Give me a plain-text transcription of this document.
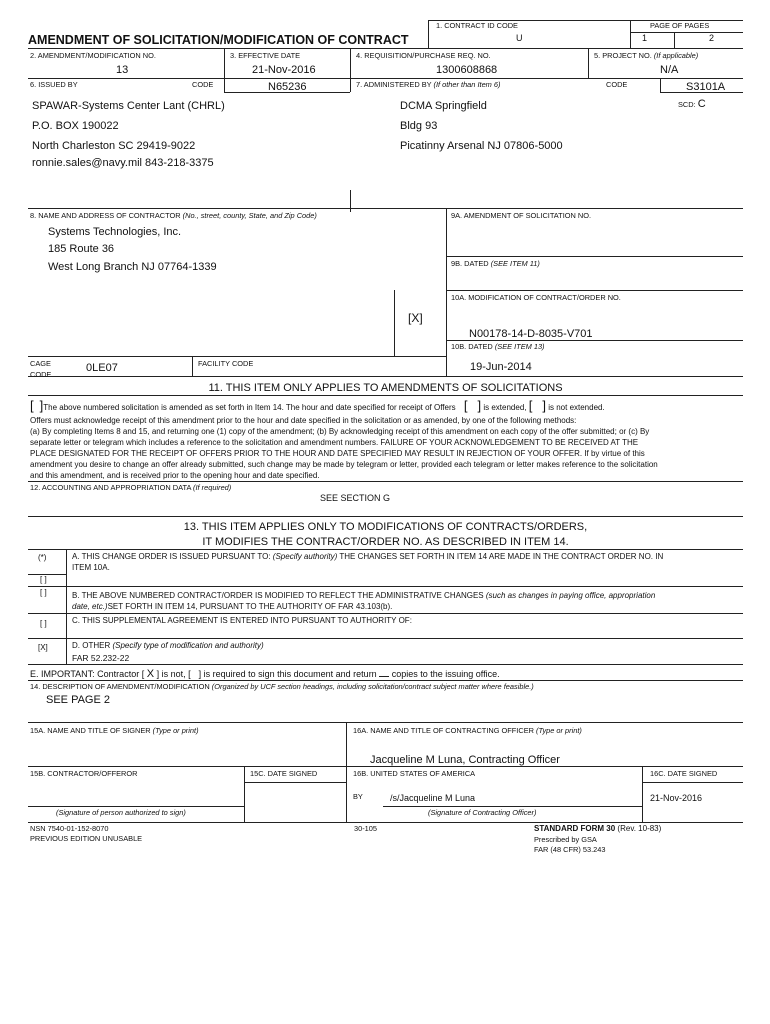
AMENDMENT OF SOLICITATION/MODIFICATION OF CONTRACT
1. CONTRACT ID CODE
U
PAGE OF PAGES
1	2
2. AMENDMENT/MODIFICATION NO.
13
3. EFFECTIVE DATE
21-Nov-2016
4. REQUISITION/PURCHASE REQ. NO.
1300608868
5. PROJECT NO. (If applicable)
N/A
6. ISSUED BY	CODE	N65236	7. ADMINISTERED BY (If other than Item 6)	CODE	S3101A
SCD: C
SPAWAR-Systems Center Lant (CHRL)
P.O. BOX 190022
North Charleston SC 29419-9022
ronnie.sales@navy.mil 843-218-3375
DCMA Springfield
Bldg 93
Picatinny Arsenal NJ 07806-5000
8. NAME AND ADDRESS OF CONTRACTOR (No., street, county, State, and Zip Code)
Systems Technologies, Inc.
185 Route 36
West Long Branch NJ 07764-1339
9A. AMENDMENT OF SOLICITATION NO.
9B. DATED (SEE ITEM 11)
10A. MODIFICATION OF CONTRACT/ORDER NO.
[X]
N00178-14-D-8035-V701
10B. DATED (SEE ITEM 13)
19-Jun-2014
CAGE
CODE
0LE07	FACILITY CODE
11. THIS ITEM ONLY APPLIES TO AMENDMENTS OF SOLICITATIONS
[ ]The above numbered solicitation is amended as set forth in Item 14. The hour and date specified for receipt of Offers [ ] is extended, [ ] is not extended.
Offers must acknowledge receipt of this amendment prior to the hour and date specified in the solicitation or as amended, by one of the following methods:
(a) By completing Items 8 and 15, and returning one (1) copy of the amendment; (b) By acknowledging receipt of this amendment on each copy of the offer submitted; or (c) By
separate letter or telegram which includes a reference to the solicitation and amendment numbers. FAILURE OF YOUR ACKNOWLEDGEMENT TO BE RECEIVED AT THE
PLACE DESIGNATED FOR THE RECEIPT OF OFFERS PRIOR TO THE HOUR AND DATE SPECIFIED MAY RESULT IN REJECTION OF YOUR OFFER. If by virtue of this
amendment you desire to change an offer already submitted, such change may be made by telegram or letter, provided each telegram or letter makes reference to the solicitation
and this amendment, and is received prior to the opening hour and date specified.
12. ACCOUNTING AND APPROPRIATION DATA (If required)
SEE SECTION G
13. THIS ITEM APPLIES ONLY TO MODIFICATIONS OF CONTRACTS/ORDERS,
IT MODIFIES THE CONTRACT/ORDER NO. AS DESCRIBED IN ITEM 14.
(*)	A. THIS CHANGE ORDER IS ISSUED PURSUANT TO: (Specify authority) THE CHANGES SET FORTH IN ITEM 14 ARE MADE IN THE CONTRACT ORDER NO. IN
ITEM 10A.
[ ]
[ ]	B. THE ABOVE NUMBERED CONTRACT/ORDER IS MODIFIED TO REFLECT THE ADMINISTRATIVE CHANGES (such as changes in paying office, appropriation
date, etc.)SET FORTH IN ITEM 14, PURSUANT TO THE AUTHORITY OF FAR 43.103(b).
[ ]	C. THIS SUPPLEMENTAL AGREEMENT IS ENTERED INTO PURSUANT TO AUTHORITY OF:
[X]	D. OTHER (Specify type of modification and authority)
FAR 52.232-22
E. IMPORTANT: Contractor [ X ] is not, [ ] is required to sign this document and return copies to the issuing office.
14. DESCRIPTION OF AMENDMENT/MODIFICATION (Organized by UCF section headings, including solicitation/contract subject matter where feasible.)
SEE PAGE 2
15A. NAME AND TITLE OF SIGNER (Type or print)	16A. NAME AND TITLE OF CONTRACTING OFFICER (Type or print)
Jacqueline M Luna, Contracting Officer
15B. CONTRACTOR/OFFEROR	15C. DATE SIGNED	16B. UNITED STATES OF AMERICA	16C. DATE SIGNED
BY	/s/Jacqueline M Luna	21-Nov-2016
(Signature of person authorized to sign)	(Signature of Contracting Officer)
NSN 7540-01-152-8070
PREVIOUS EDITION UNUSABLE
30-105	STANDARD FORM 30 (Rev. 10-83)
Prescribed by GSA
FAR (48 CFR) 53.243
